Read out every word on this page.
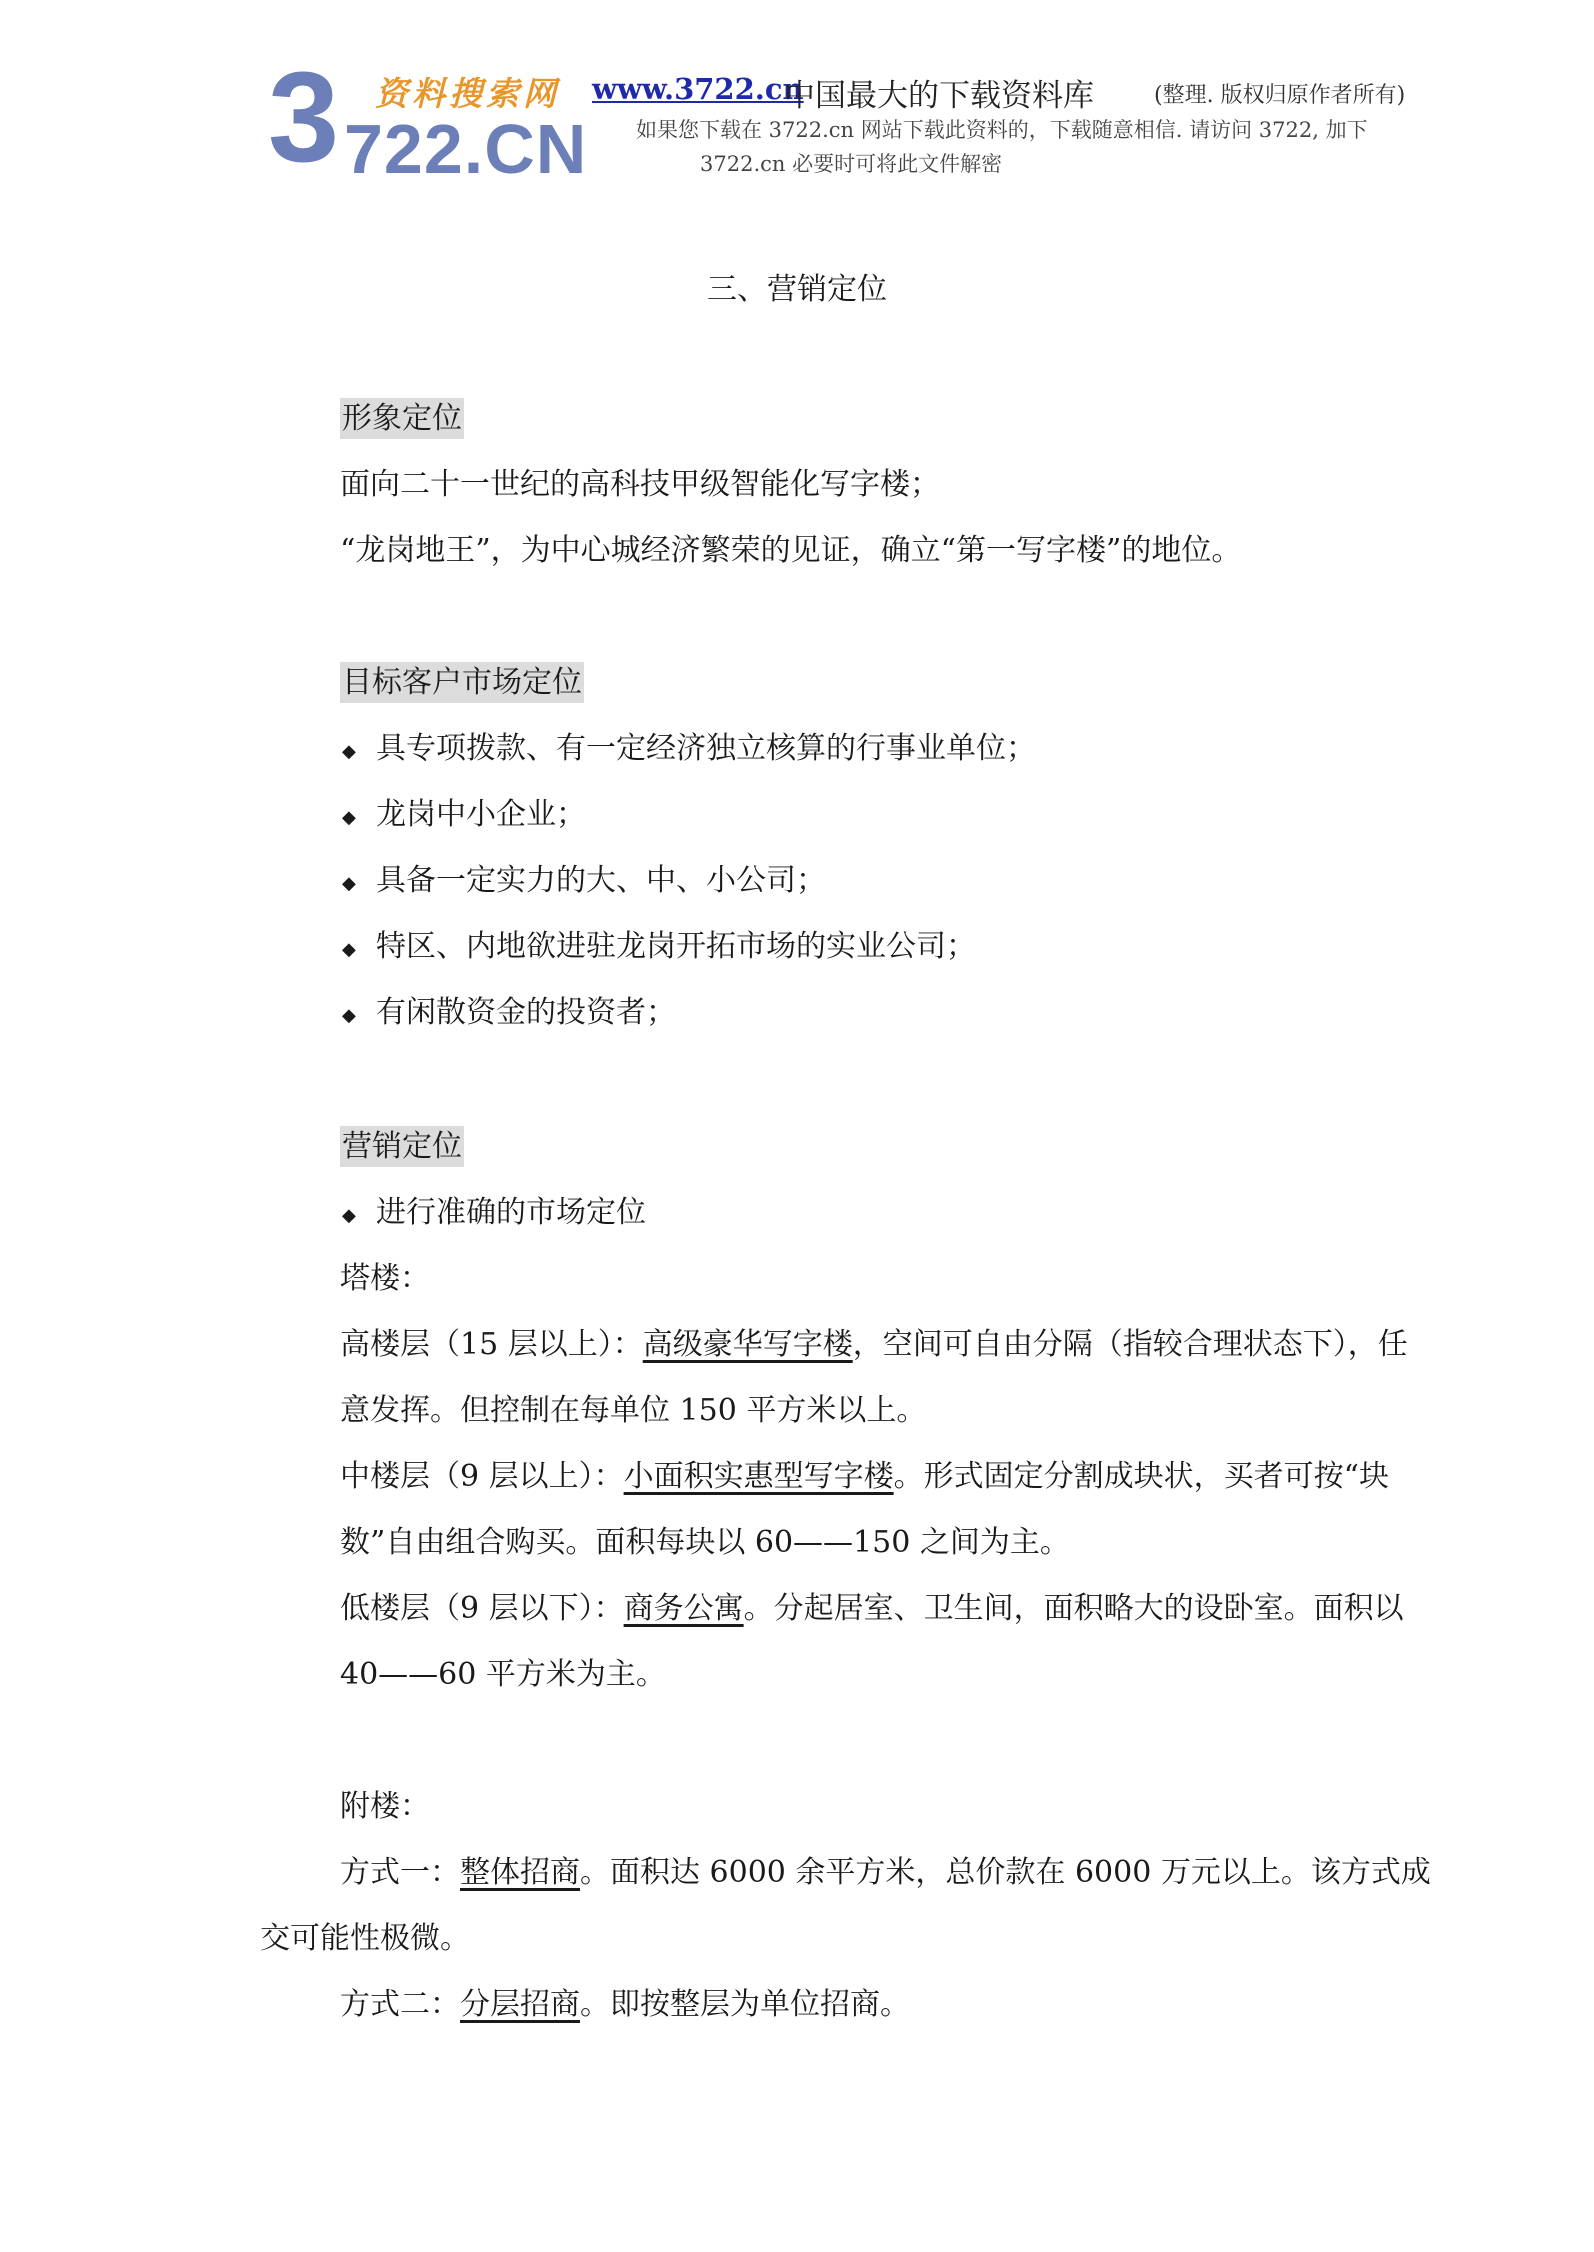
3 资料搜索网
722.CN
www.3722.cn
中国最大的下载资料库	(整理. 版权归原作者所有)
如果您下载在 3722.cn 网站下载此资料的，下载随意相信. 请访问 3722, 加下
3722.cn 必要时可将此文件解密
三、营销定位
形象定位
面向二十一世纪的高科技甲级智能化写字楼；
“龙岗地王”，为中心城经济繁荣的见证，确立“第一写字楼”的地位。
目标客户市场定位
◆ 具专项拨款、有一定经济独立核算的行事业单位；
◆ 龙岗中小企业；
◆ 具备一定实力的大、中、小公司；
◆ 特区、内地欲进驻龙岗开拓市场的实业公司；
◆ 有闲散资金的投资者；
营销定位
◆ 进行准确的市场定位
塔楼：
高楼层（15 层以上）：高级豪华写字楼，空间可自由分隔（指较合理状态下），任
意发挥。但控制在每单位 150 平方米以上。
中楼层（9 层以上）：小面积实惠型写字楼。形式固定分割成块状，买者可按“块
数”自由组合购买。面积每块以 60——150 之间为主。
低楼层（9 层以下）：商务公寓。分起居室、卫生间，面积略大的设卧室。面积以
40——60 平方米为主。
附楼：
方式一：整体招商。面积达 6000 余平方米，总价款在 6000 万元以上。该方式成
交可能性极微。
方式二：分层招商。即按整层为单位招商。
